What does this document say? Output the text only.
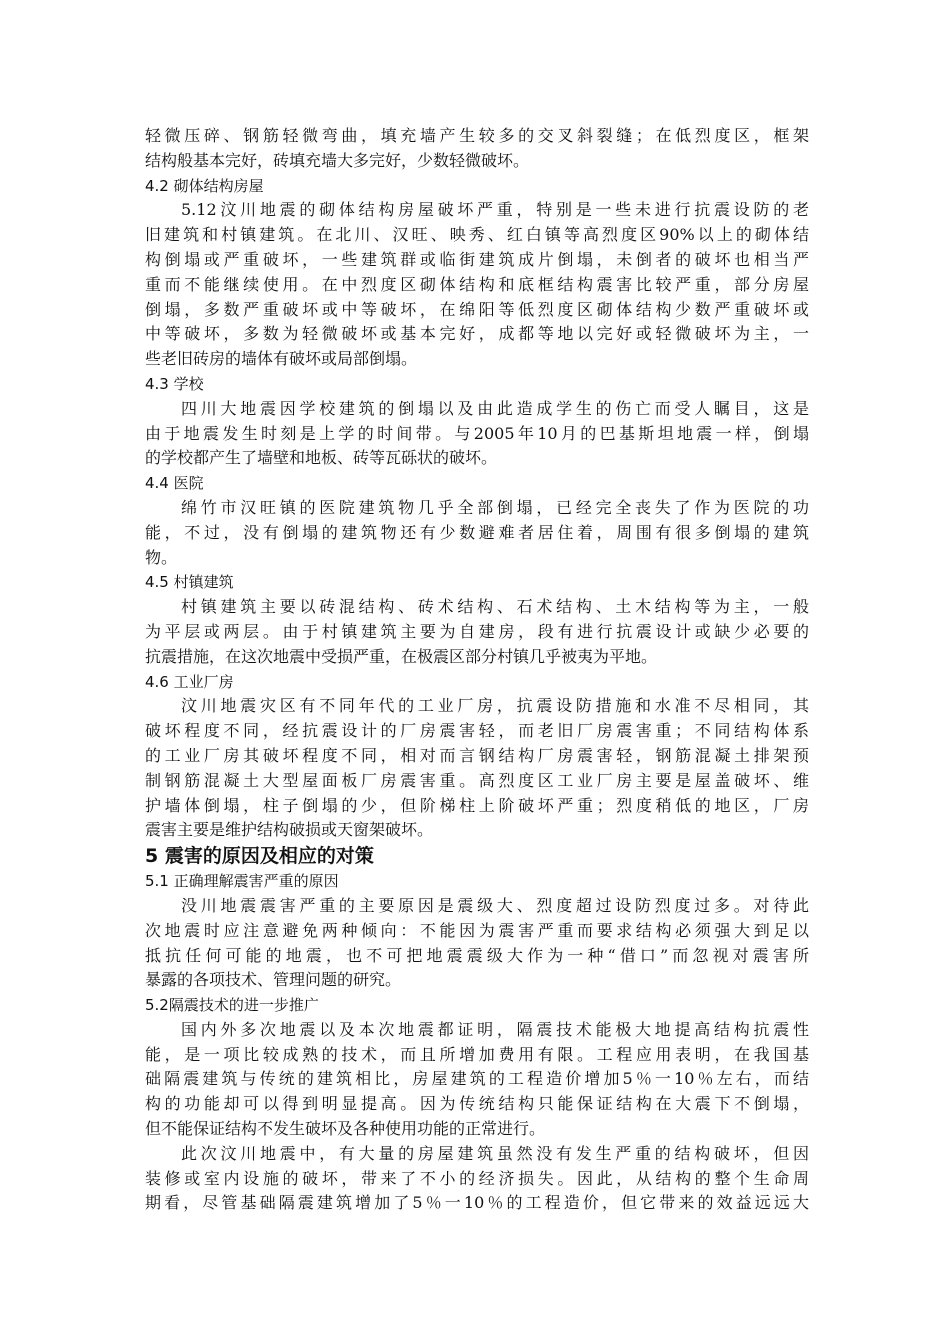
轻微压碎、钢筋轻微弯曲，填充墙产生较多的交叉斜裂缝；在低烈度区，框架
结构般基本完好，砖填充墙大多完好，少数轻微破坏。
4.2 砌体结构房屋
5.12汶川地震的砌体结构房屋破坏严重，特别是一些未进行抗震设防的老
旧建筑和村镇建筑。在北川、汉旺、映秀、红白镇等高烈度区90%以上的砌体结
构倒塌或严重破坏，一些建筑群或临街建筑成片倒塌，未倒者的破坏也相当严
重而不能继续使用。在中烈度区砌体结构和底框结构震害比较严重，部分房屋
倒塌，多数严重破坏或中等破坏，在绵阳等低烈度区砌体结构少数严重破坏或
中等破坏，多数为轻微破坏或基本完好，成都等地以完好或轻微破坏为主，一
些老旧砖房的墙体有破坏或局部倒塌。
4.3 学校
四川大地震因学校建筑的倒塌以及由此造成学生的伤亡而受人瞩目，这是
由于地震发生时刻是上学的时间带。与2005年10月的巴基斯坦地震一样，倒塌
的学校都产生了墙壁和地板、砖等瓦砾状的破坏。
4.4 医院
绵竹市汉旺镇的医院建筑物几乎全部倒塌，已经完全丧失了作为医院的功
能，不过，没有倒塌的建筑物还有少数避难者居住着，周围有很多倒塌的建筑
物。
4.5 村镇建筑
村镇建筑主要以砖混结构、砖术结构、石术结构、土木结构等为主，一般
为平层或两层。由于村镇建筑主要为自建房，段有进行抗震设计或缺少必要的
抗震措施，在这次地震中受损严重，在极震区部分村镇几乎被夷为平地。
4.6 工业厂房
汶川地震灾区有不同年代的工业厂房，抗震设防措施和水准不尽相同，其
破坏程度不同，经抗震设计的厂房震害轻，而老旧厂房震害重；不同结构体系
的工业厂房其破坏程度不同，相对而言钢结构厂房震害轻，钢筋混凝土排架预
制钢筋混凝土大型屋面板厂房震害重。高烈度区工业厂房主要是屋盖破坏、维
护墙体倒塌，柱子倒塌的少，但阶梯柱上阶破坏严重；烈度稍低的地区，厂房
震害主要是维护结构破损或天窗架破坏。
5 震害的原因及相应的对策
5.1 正确理解震害严重的原因
没川地震震害严重的主要原因是震级大、烈度超过设防烈度过多。对待此
次地震时应注意避免两种倾向：不能因为震害严重而要求结构必须强大到足以
抵抗任何可能的地震，也不可把地震震级大作为一种“借口”而忽视对震害所
暴露的各项技术、管理问题的研究。
5.2隔震技术的进一步推广
国内外多次地震以及本次地震都证明，隔震技术能极大地提高结构抗震性
能，是一项比较成熟的技术，而且所增加费用有限。工程应用表明，在我国基
础隔震建筑与传统的建筑相比，房屋建筑的工程造价增加5％一10％左右，而结
构的功能却可以得到明显提高。因为传统结构只能保证结构在大震下不倒塌，
但不能保证结构不发生破坏及各种使用功能的正常进行。
此次汶川地震中，有大量的房屋建筑虽然没有发生严重的结构破坏，但因
装修或室内设施的破坏，带来了不小的经济损失。因此，从结构的整个生命周
期看，尽管基础隔震建筑增加了5％一10％的工程造价，但它带来的效益远远大
